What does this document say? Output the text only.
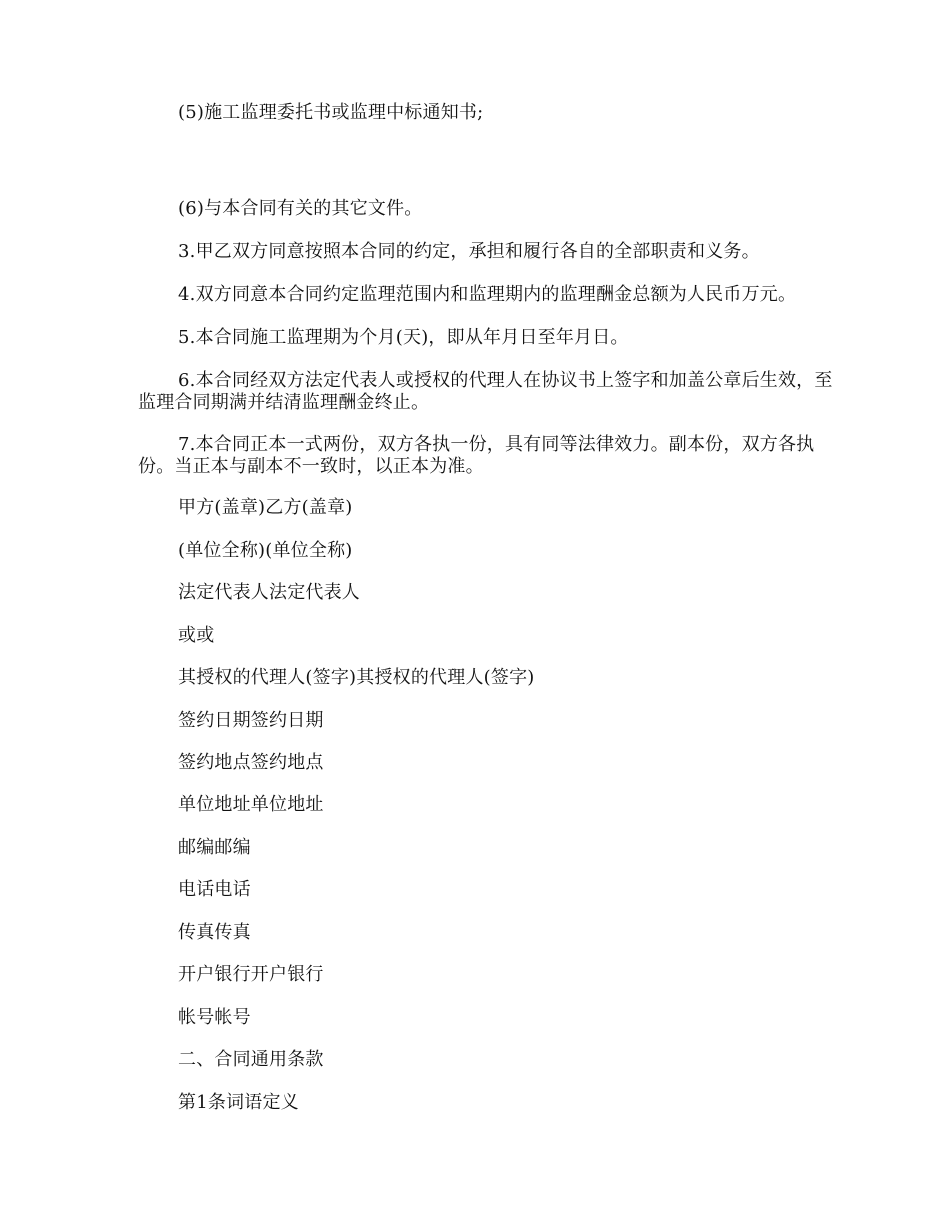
(5)施工监理委托书或监理中标通知书;

(6)与本合同有关的其它文件。

3.甲乙双方同意按照本合同的约定，承担和履行各自的全部职责和义务。

4.双方同意本合同约定监理范围内和监理期内的监理酬金总额为人民币万元。

5.本合同施工监理期为个月(天)，即从年月日至年月日。

6.本合同经双方法定代表人或授权的代理人在协议书上签字和加盖公章后生效，至监理合同期满并结清监理酬金终止。

7.本合同正本一式两份，双方各执一份，具有同等法律效力。副本份，双方各执份。当正本与副本不一致时，以正本为准。

甲方(盖章)乙方(盖章)

(单位全称)(单位全称)

法定代表人法定代表人

或或

其授权的代理人(签字)其授权的代理人(签字)

签约日期签约日期

签约地点签约地点

单位地址单位地址

邮编邮编

电话电话

传真传真

开户银行开户银行

帐号帐号

二、合同通用条款

第1条词语定义
